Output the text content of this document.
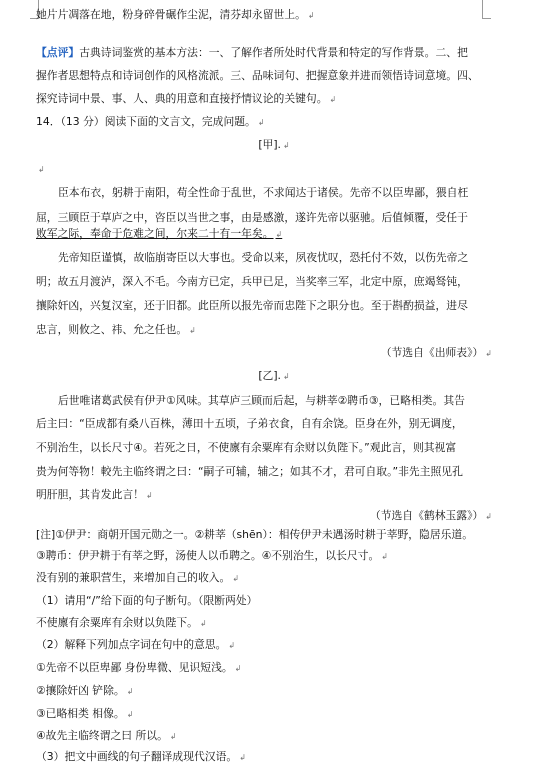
她片片凋落在地，粉身碎骨碾作尘泥，清芬却永留世上。 ↲
【点评】古典诗词鉴赏的基本方法：一、了解作者所处时代背景和特定的写作背景。二、把
握作者思想特点和诗词创作的风格流派。三、品味词句、把握意象并进而领悟诗词意境。四、
探究诗词中景、事、人、典的用意和直接抒情议论的关键句。 ↲
14．（13 分）阅读下面的文言文，完成问题。 ↲
[甲]. ↲
↲
臣本布衣，躬耕于南阳，苟全性命于乱世，不求闻达于诸侯。先帝不以臣卑鄙，猥自枉
屈，三顾臣于草庐之中，咨臣以当世之事，由是感激，遂许先帝以驱驰。后值倾覆，受任于
败军之际，奉命于危难之间，尔来二十有一年矣。 ↲
先帝知臣谨慎，故临崩寄臣以大事也。受命以来，夙夜忧叹，恐托付不效，以伤先帝之
明；故五月渡泸，深入不毛。今南方已定，兵甲已足，当奖率三军，北定中原，庶竭驽钝，
攘除奸凶，兴复汉室，还于旧都。此臣所以报先帝而忠陛下之职分也。至于斟酌损益，进尽
忠言，则攸之、祎、允之任也。 ↲
（节选自《出师表》） ↲
[乙]. ↲
后世唯诸葛武侯有伊尹①风味。其草庐三顾而后起，与耕莘②聘币③，已略相类。其告
后主曰：“臣成都有桑八百株，薄田十五顷，子弟衣食，自有余饶。臣身在外，别无调度，
不别治生，以长尺寸④。若死之日，不使廪有余粟库有余财以负陛下。”观此言，则其视富
贵为何等物！較先主临终谓之曰：“嗣子可辅，辅之；如其不才，君可自取。”非先主照见孔
明肝胆，其肯发此言！ ↲
（节选自《鹤林玉露》） ↲
[注]①伊尹：商朝开国元勋之一。②耕莘（shēn）：相传伊尹未遇汤时耕于莘野，隐居乐道。
③聘币：伊尹耕于有莘之野，汤使人以币聘之。④不别治生，以长尺寸。 ↲
没有别的兼职营生，来增加自己的收入。 ↲
（1）请用“/”给下面的句子断句。（限断两处）
不使廪有余粟库有余财以负陛下。 ↲
（2）解释下列加点字词在句中的意思。 ↲
①先帝不以臣卑鄙 身份卑微、见识短浅。 ↲
②攘除奸凶 铲除。 ↲
③已略相类 相像。 ↲
④故先主临终谓之曰 所以。 ↲
（3）把文中画线的句子翻译成现代汉语。 ↲
